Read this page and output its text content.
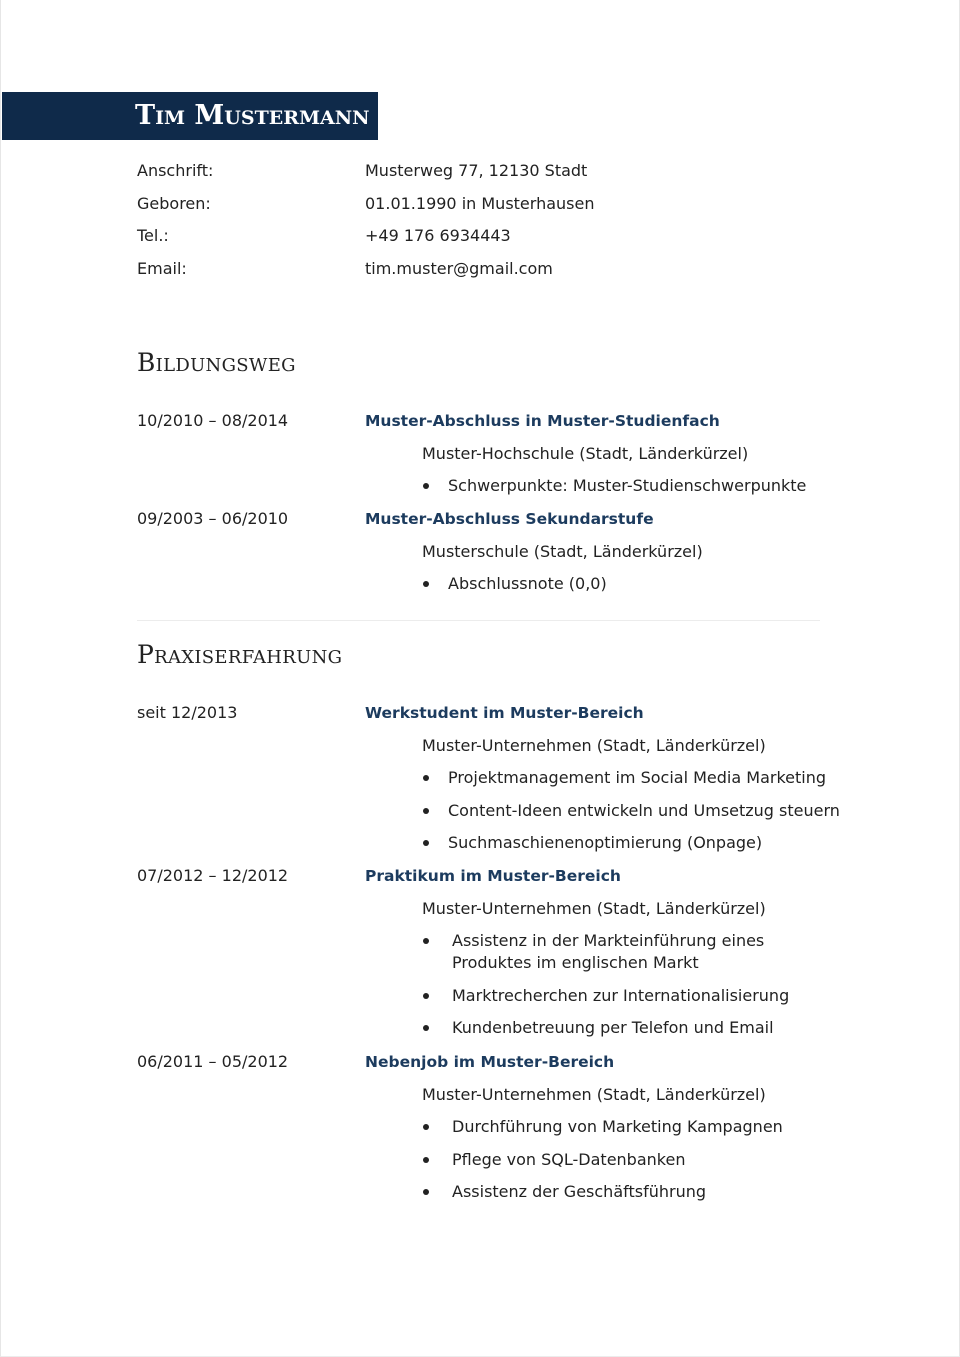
Tim Mustermann
Anschrift:	Musterweg 77, 12130 Stadt
Geboren:	01.01.1990 in Musterhausen
Tel.:	+49 176 6934443
Email:	tim.muster@gmail.com
Bildungsweg
10/2010 – 08/2014	Muster-Abschluss in Muster-Studienfach
Muster-Hochschule (Stadt, Länderkürzel)
Schwerpunkte: Muster-Studienschwerpunkte
09/2003 – 06/2010	Muster-Abschluss Sekundarstufe
Musterschule (Stadt, Länderkürzel)
Abschlussnote (0,0)
Praxiserfahrung
seit 12/2013	Werkstudent im Muster-Bereich
Muster-Unternehmen (Stadt, Länderkürzel)
Projektmanagement im Social Media Marketing
Content-Ideen entwickeln und Umsetzug steuern
Suchmaschienenoptimierung (Onpage)
07/2012 – 12/2012	Praktikum im Muster-Bereich
Muster-Unternehmen (Stadt, Länderkürzel)
Assistenz in der Markteinführung eines Produktes im englischen Markt
Marktrecherchen zur Internationalisierung
Kundenbetreuung per Telefon und Email
06/2011 – 05/2012	Nebenjob im Muster-Bereich
Muster-Unternehmen (Stadt, Länderkürzel)
Durchführung von Marketing Kampagnen
Pflege von SQL-Datenbanken
Assistenz der Geschäftsführung
